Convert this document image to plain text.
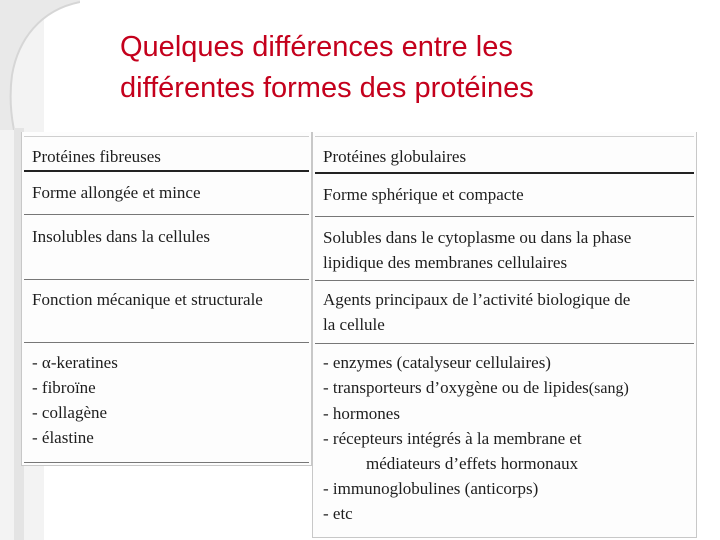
Quelques différences entre les
différentes formes des protéines
Protéines fibreuses
Forme allongée et mince
Insolubles dans la cellules
Fonction mécanique et structurale
- α-keratines
- fibroïne
- collagène
- élastine
Protéines globulaires
Forme sphérique et compacte
Solubles dans le cytoplasme ou dans la phase
lipidique des membranes cellulaires
Agents principaux de l’activité biologique de
la cellule
- enzymes (catalyseur cellulaires)
- transporteurs d’oxygène ou de lipides(sang)
- hormones
- récepteurs intégrés à la membrane et
médiateurs d’effets hormonaux
- immunoglobulines (anticorps)
- etc
